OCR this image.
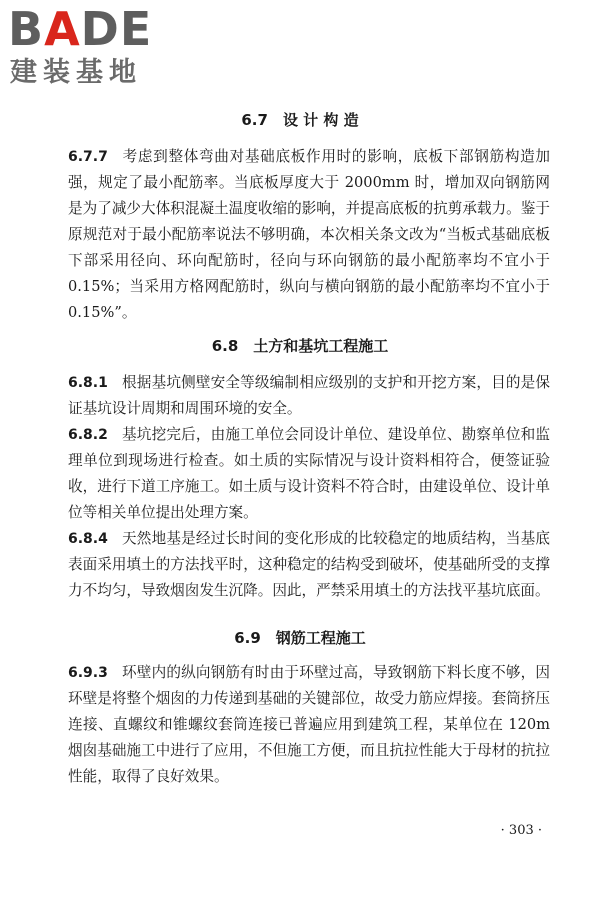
BADE
建装基地
6.7　设 计 构 造

6.7.7 考虑到整体弯曲对基础底板作用时的影响，底板下部钢筋构造加强，规定了最小配筋率。当底板厚度大于 2000mm 时，增加双向钢筋网是为了减少大体积混凝土温度收缩的影响，并提高底板的抗剪承载力。鉴于原规范对于最小配筋率说法不够明确，本次相关条文改为“当板式基础底板下部采用径向、环向配筋时，径向与环向钢筋的最小配筋率均不宜小于 0.15%；当采用方格网配筋时，纵向与横向钢筋的最小配筋率均不宜小于 0.15%”。

6.8　土方和基坑工程施工

6.8.1 根据基坑侧壁安全等级编制相应级别的支护和开挖方案，目的是保证基坑设计周期和周围环境的安全。

6.8.2 基坑挖完后，由施工单位会同设计单位、建设单位、勘察单位和监理单位到现场进行检查。如土质的实际情况与设计资料相符合，便签证验收，进行下道工序施工。如土质与设计资料不符合时，由建设单位、设计单位等相关单位提出处理方案。

6.8.4 天然地基是经过长时间的变化形成的比较稳定的地质结构，当基底表面采用填土的方法找平时，这种稳定的结构受到破坏，使基础所受的支撑力不均匀，导致烟囱发生沉降。因此，严禁采用填土的方法找平基坑底面。

6.9　钢筋工程施工

6.9.3 环壁内的纵向钢筋有时由于环壁过高，导致钢筋下料长度不够，因环壁是将整个烟囱的力传递到基础的关键部位，故受力筋应焊接。套筒挤压连接、直螺纹和锥螺纹套筒连接已普遍应用到建筑工程，某单位在 120m 烟囱基础施工中进行了应用，不但施工方便，而且抗拉性能大于母材的抗拉性能，取得了良好效果。

· 303 ·
